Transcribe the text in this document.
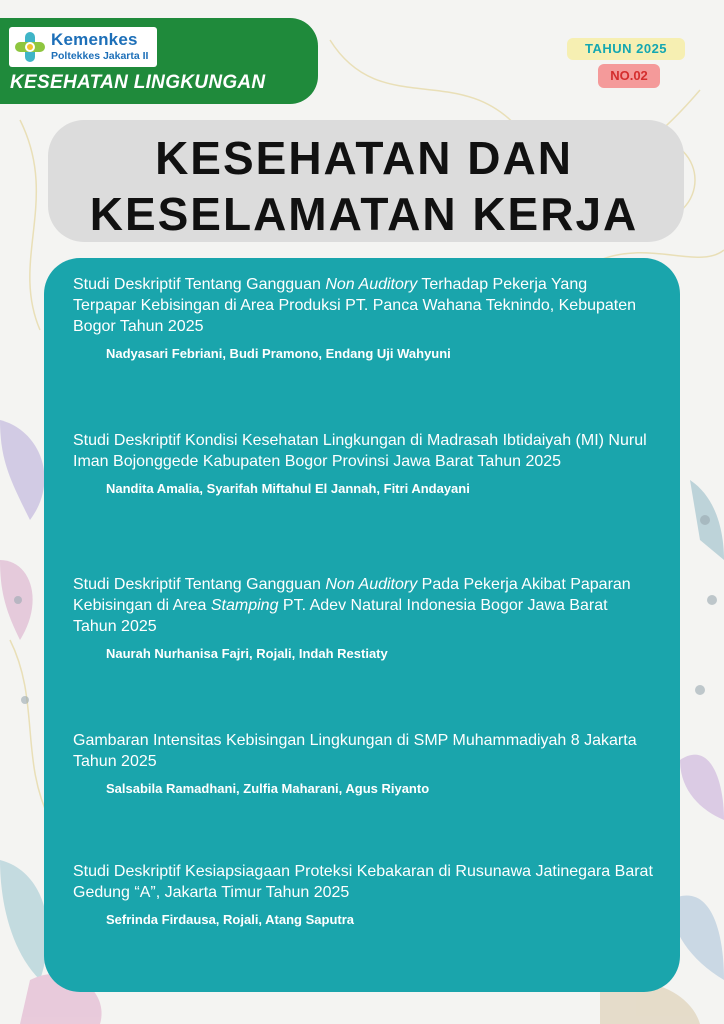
Kemenkes
Poltekkes Jakarta II
KESEHATAN LINGKUNGAN
TAHUN 2025
NO.02
KESEHATAN DAN
KESELAMATAN KERJA
Studi Deskriptif Tentang Gangguan Non Auditory Terhadap Pekerja Yang Terpapar Kebisingan di Area Produksi PT. Panca Wahana Teknindo, Kebupaten Bogor Tahun 2025
Nadyasari Febriani, Budi Pramono, Endang Uji Wahyuni
Studi Deskriptif Kondisi Kesehatan Lingkungan di Madrasah Ibtidaiyah (MI) Nurul Iman Bojonggede Kabupaten Bogor Provinsi Jawa Barat Tahun 2025
Nandita Amalia, Syarifah Miftahul El Jannah, Fitri Andayani
Studi Deskriptif Tentang Gangguan Non Auditory Pada Pekerja Akibat Paparan Kebisingan di Area Stamping PT. Adev Natural Indonesia Bogor Jawa Barat Tahun 2025
Naurah Nurhanisa Fajri, Rojali, Indah Restiaty
Gambaran Intensitas Kebisingan Lingkungan di SMP Muhammadiyah 8 Jakarta Tahun 2025
Salsabila Ramadhani, Zulfia Maharani, Agus Riyanto
Studi Deskriptif Kesiapsiagaan Proteksi Kebakaran di Rusunawa Jatinegara Barat Gedung “A”, Jakarta Timur Tahun 2025
Sefrinda Firdausa, Rojali, Atang Saputra
